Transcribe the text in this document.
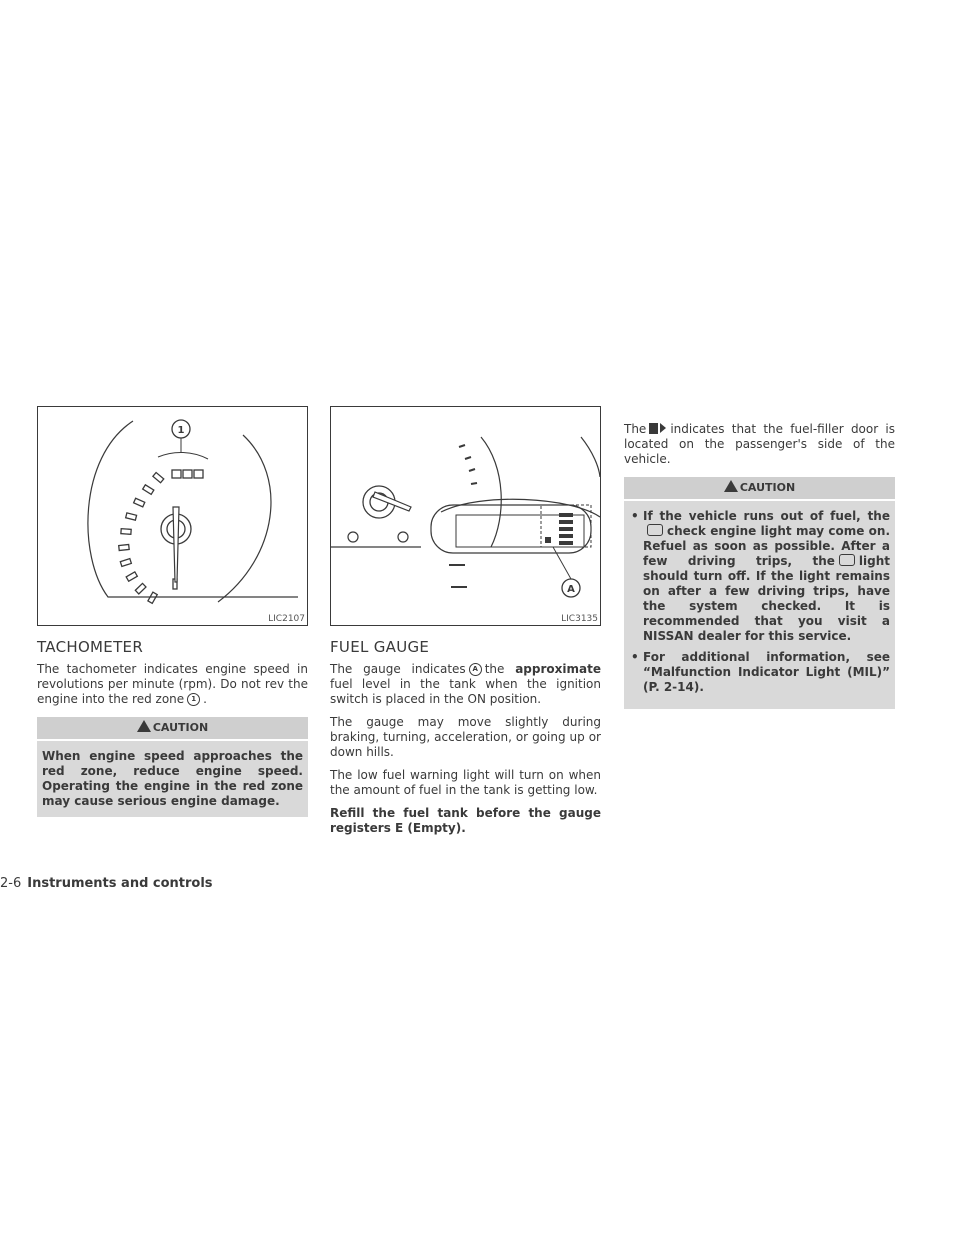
1
LIC2107
TACHOMETER

The tachometer indicates engine speed in revolutions per minute (rpm). Do not rev the engine into the red zone 1 .

CAUTION
When engine speed approaches the red zone, reduce engine speed. Operating the engine in the red zone may cause serious engine damage.
A
LIC3135
FUEL GAUGE

The gauge indicates A the approximate fuel level in the tank when the ignition switch is placed in the ON position.

The gauge may move slightly during braking, turning, acceleration, or going up or down hills.

The low fuel warning light will turn on when the amount of fuel in the tank is getting low.

Refill the fuel tank before the gauge registers E (Empty).

The indicates that the fuel-filler door is located on the passenger's side of the vehicle.

CAUTION
• If the vehicle runs out of fuel, thecheck engine light may come on. Refuel as soon as possible. After a few driving trips, the light should turn off. If the light remains on after a few driving trips, have the system checked. It is recommended that you visit a NISSAN dealer for this service.
• For additional information, see “Malfunction Indicator Light (MIL)” (P. 2-14).
2-6 Instruments and controls
